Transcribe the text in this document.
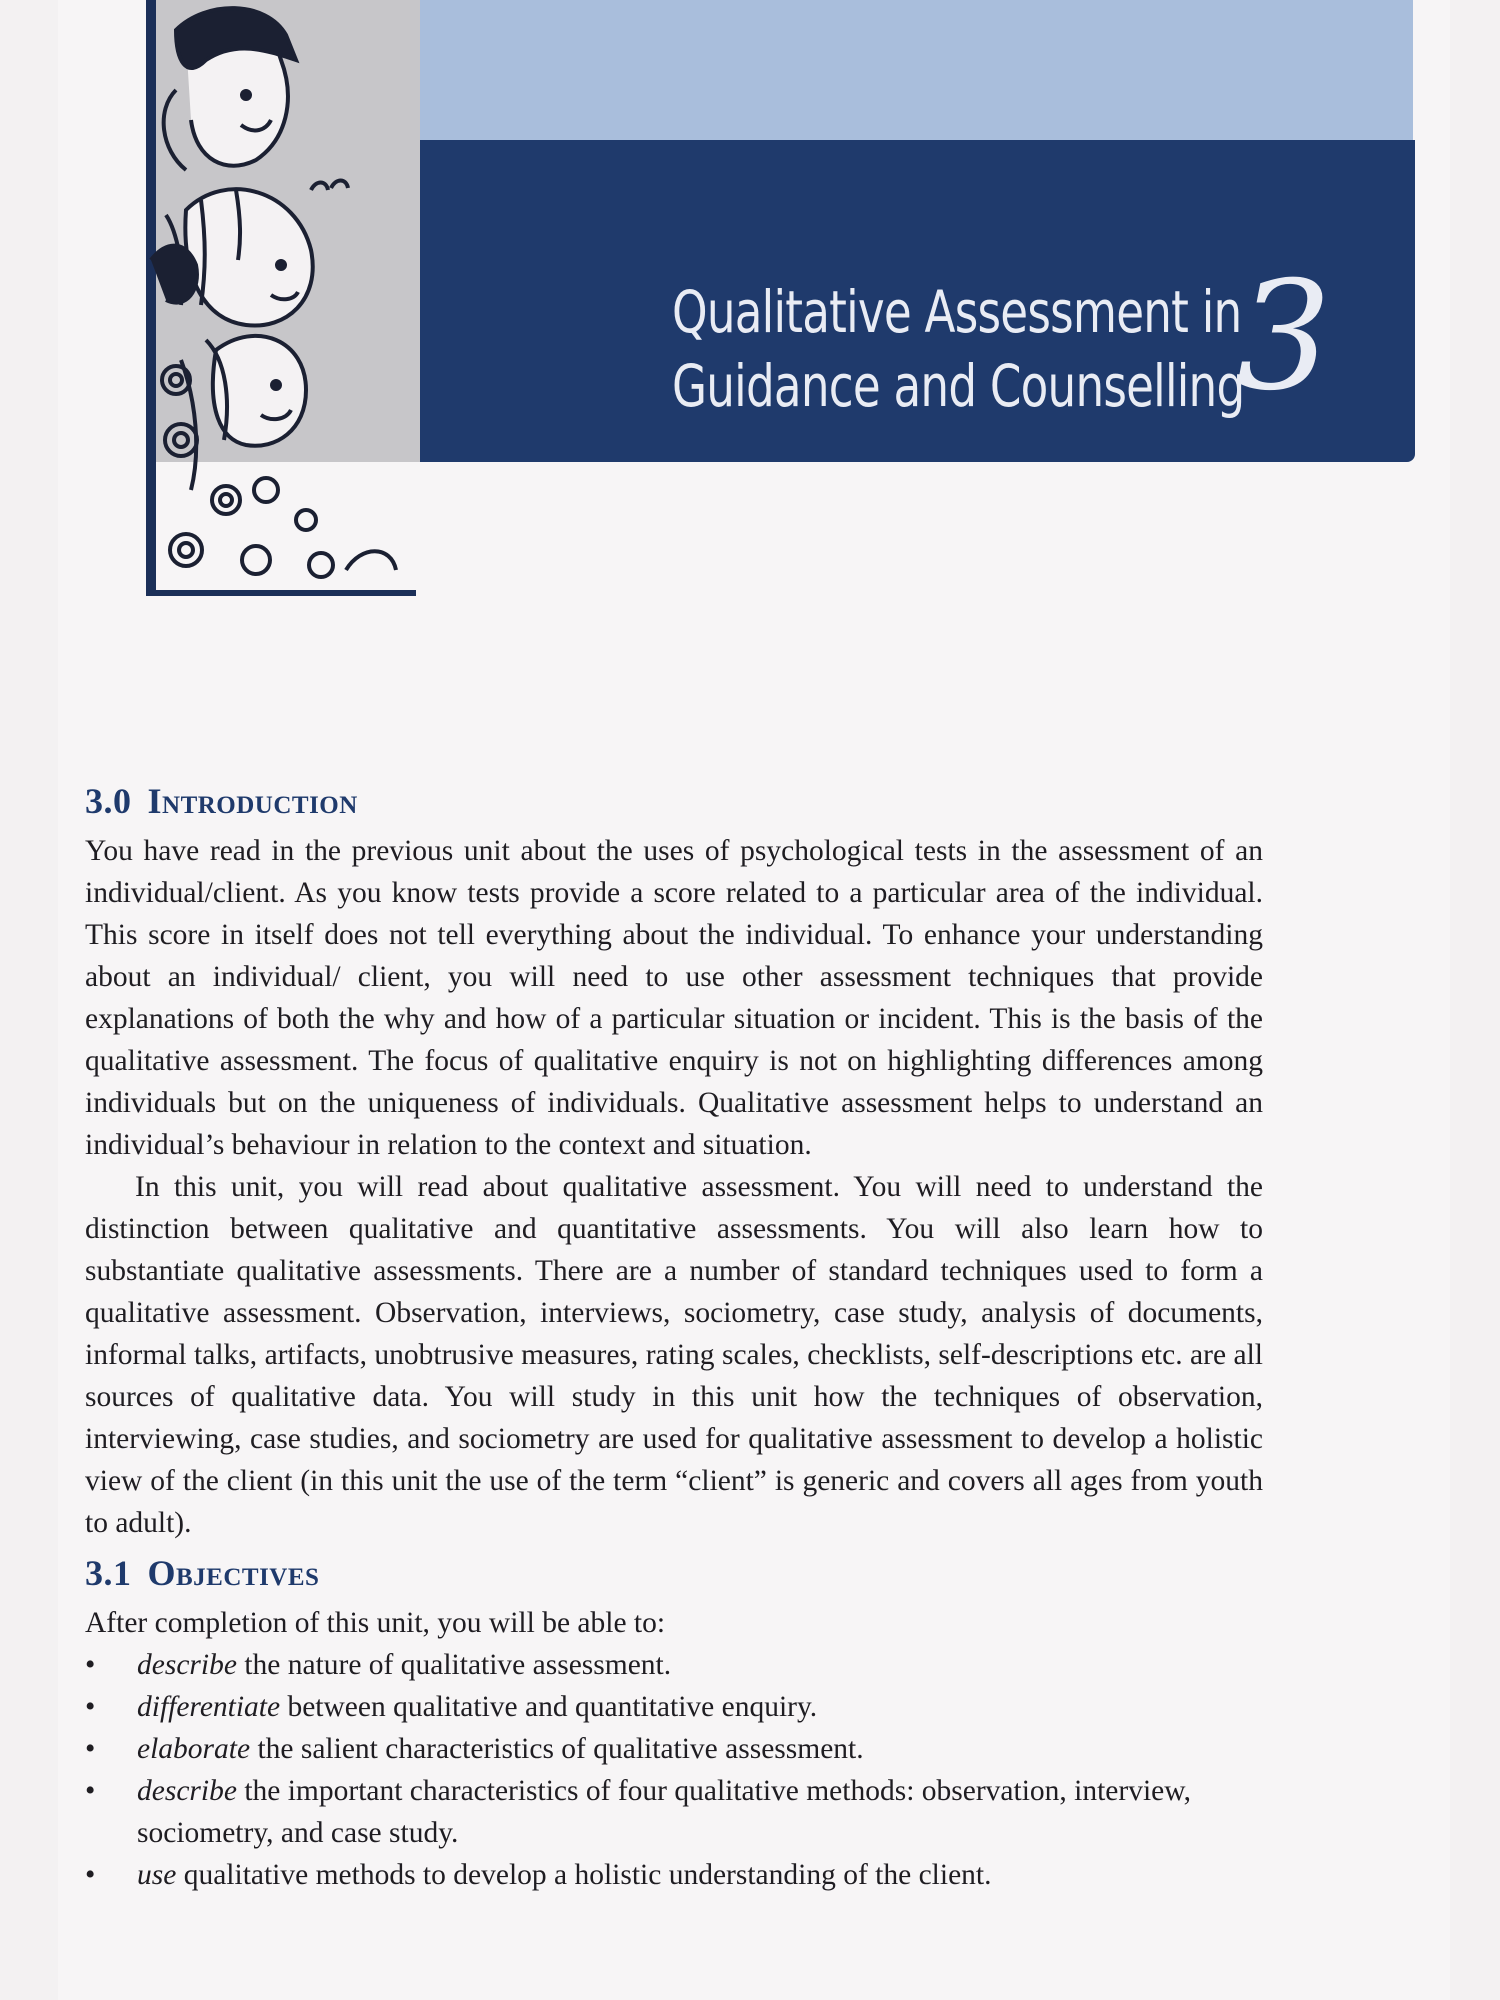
Qualitative Assessment in
Guidance and Counselling
3
3.0 Introduction

You have read in the previous unit about the uses of psychological tests in the assessment of an individual/client. As you know tests provide a score related to a particular area of the individual. This score in itself does not tell everything about the individual. To enhance your understanding about an individual/ client, you will need to use other assessment techniques that provide explanations of both the why and how of a particular situation or incident. This is the basis of the qualitative assessment. The focus of qualitative enquiry is not on highlighting differences among individuals but on the uniqueness of individuals. Qualitative assessment helps to understand an individual’s behaviour in relation to the context and situation.

In this unit, you will read about qualitative assessment. You will need to understand the distinction between qualitative and quantitative assessments. You will also learn how to substantiate qualitative assessments. There are a number of standard techniques used to form a qualitative assessment. Observation, interviews, sociometry, case study, analysis of documents, informal talks, artifacts, unobtrusive measures, rating scales, checklists, self-descriptions etc. are all sources of qualitative data. You will study in this unit how the techniques of observation, interviewing, case studies, and sociometry are used for qualitative assessment to develop a holistic view of the client (in this unit the use of the term “client” is generic and covers all ages from youth to adult).

3.1 Objectives

After completion of this unit, you will be able to:

•	describe the nature of qualitative assessment.
•	differentiate between qualitative and quantitative enquiry.
•	elaborate the salient characteristics of qualitative assessment.
•	describe the important characteristics of four qualitative methods: observation, interview, sociometry, and case study.
•	use qualitative methods to develop a holistic understanding of the client.
